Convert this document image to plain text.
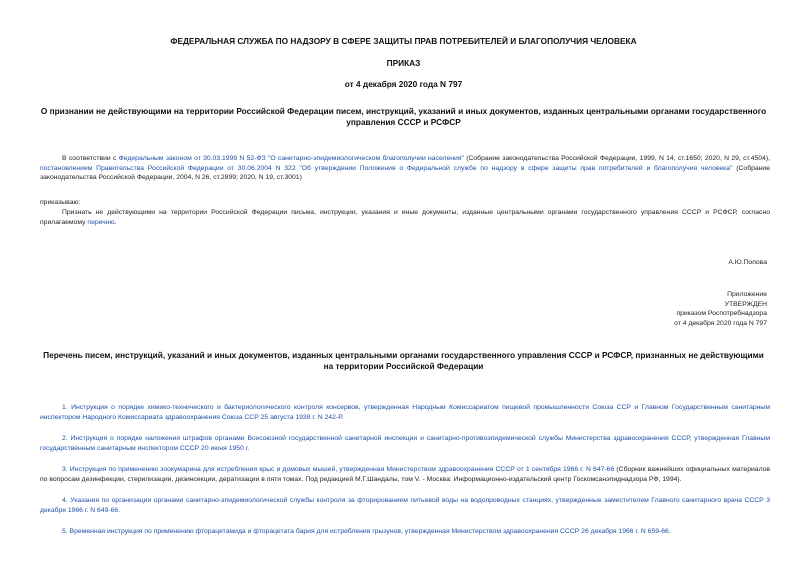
ФЕДЕРАЛЬНАЯ СЛУЖБА ПО НАДЗОРУ В СФЕРЕ ЗАЩИТЫ ПРАВ ПОТРЕБИТЕЛЕЙ И БЛАГОПОЛУЧИЯ ЧЕЛОВЕКА
ПРИКАЗ
от 4 декабря 2020 года N 797
О признании не действующими на территории Российской Федерации писем, инструкций, указаний и иных документов, изданных центральными органами государственного управления СССР и РСФСР
В соответствии с Федеральным законом от 30.03.1999 N 52-ФЗ "О санитарно-эпидемиологическом благополучии населения" (Собрание законодательства Российской Федерации, 1999, N 14, ст.1650; 2020, N 29, ст.4504), постановлением Правительства Российской Федерации от 30.06.2004 N 322 "Об утверждении Положения о Федеральной службе по надзору в сфере защиты прав потребителей и благополучия человека" (Собрание законодательства Российской Федерации, 2004, N 26, ст.2899; 2020, N 19, ст.3001)
приказываю:
Признать не действующими на территории Российской Федерации письма, инструкции, указания и иные документы, изданные центральными органами государственного управления СССР и РСФСР, согласно прилагаемому перечню.
А.Ю.Попова
Приложение
УТВЕРЖДЕН
приказом Роспотребнадзора
от 4 декабря 2020 года N 797
Перечень писем, инструкций, указаний и иных документов, изданных центральными органами государственного управления СССР и РСФСР, признанных не действующими на территории Российской Федерации
1. Инструкция о порядке химико-технического и бактериологического контроля консервов, утвержденная Народным Комиссариатом пищевой промышленности Союза ССР и Главном Государственным санитарным инспектором Народного Комиссариата здравоохранения Союза ССР 25 августа 1938 г. N 242-Р.
2. Инструкция о порядке наложения штрафов органами Всесоюзной государственной санитарной инспекции и санитарно-противоэпидемической службы Министерства здравоохранения СССР, утвержденная Главным государственным санитарным инспектором СССР 20 июня 1950 г.
3. Инструкция по применению зоокумарина для истребления крыс и домовых мышей, утвержденная Министерством здравоохранения СССР от 1 сентября 1966 г. N 647-66 (Сборник важнейших официальных материалов по вопросам дезинфекции, стерилизации, дезинсекции, дератизации в пяти томах. Под редакцией М.Г.Шандалы, том V. - Москва: Информационно-издательский центр Госкомсанэпиднадзора РФ, 1994).
4. Указания по организации органами санитарно-эпидемиологической службы контроля за фторированием питьевой воды на водопроводных станциях, утвержденные заместителем Главного санитарного врача СССР 3 декабря 1966 г. N 649-66.
5. Временная инструкция по применению фторацетамида и фторацетата бария для истребления грызунов, утвержденная Министерством здравоохранения СССР 26 декабря 1966 г. N 659-66.
